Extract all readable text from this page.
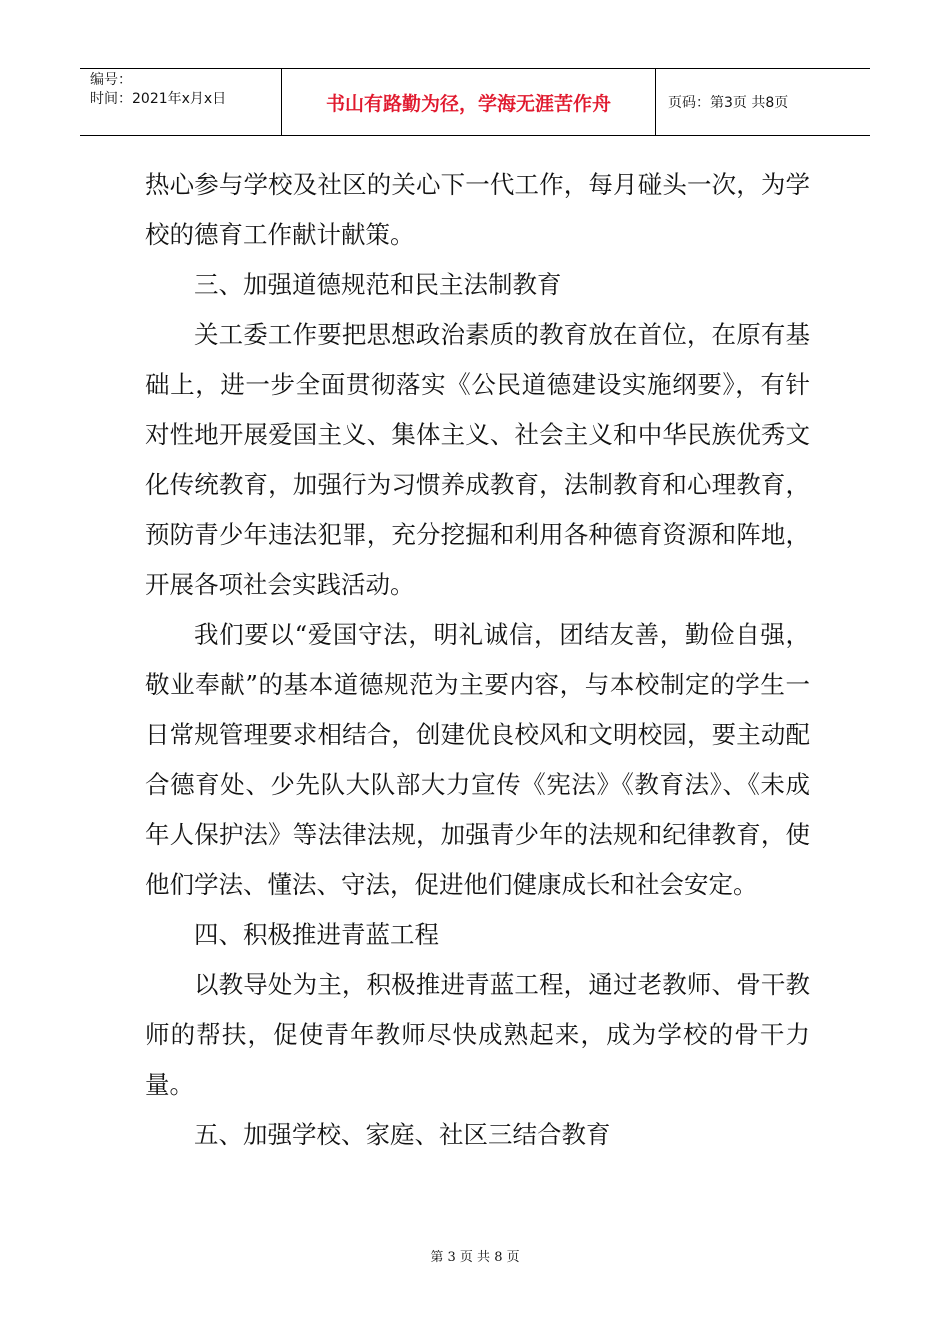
编号：
时间：2021年x月x日	书山有路勤为径，学海无涯苦作舟	页码：第3页 共8页

热心参与学校及社区的关心下一代工作，每月碰头一次，为学校的德育工作献计献策。

三、加强道德规范和民主法制教育

关工委工作要把思想政治素质的教育放在首位，在原有基础上，进一步全面贯彻落实《公民道德建设实施纲要》，有针对性地开展爱国主义、集体主义、社会主义和中华民族优秀文化传统教育，加强行为习惯养成教育，法制教育和心理教育，预防青少年违法犯罪，充分挖掘和利用各种德育资源和阵地，开展各项社会实践活动。

我们要以“爱国守法，明礼诚信，团结友善，勤俭自强，敬业奉献”的基本道德规范为主要内容，与本校制定的学生一日常规管理要求相结合，创建优良校风和文明校园，要主动配合德育处、少先队大队部大力宣传《宪法》《教育法》、《未成年人保护法》等法律法规，加强青少年的法规和纪律教育，使他们学法、懂法、守法，促进他们健康成长和社会安定。

四、积极推进青蓝工程

以教导处为主，积极推进青蓝工程，通过老教师、骨干教师的帮扶，促使青年教师尽快成熟起来，成为学校的骨干力量。

五、加强学校、家庭、社区三结合教育

第 3 页 共 8 页
